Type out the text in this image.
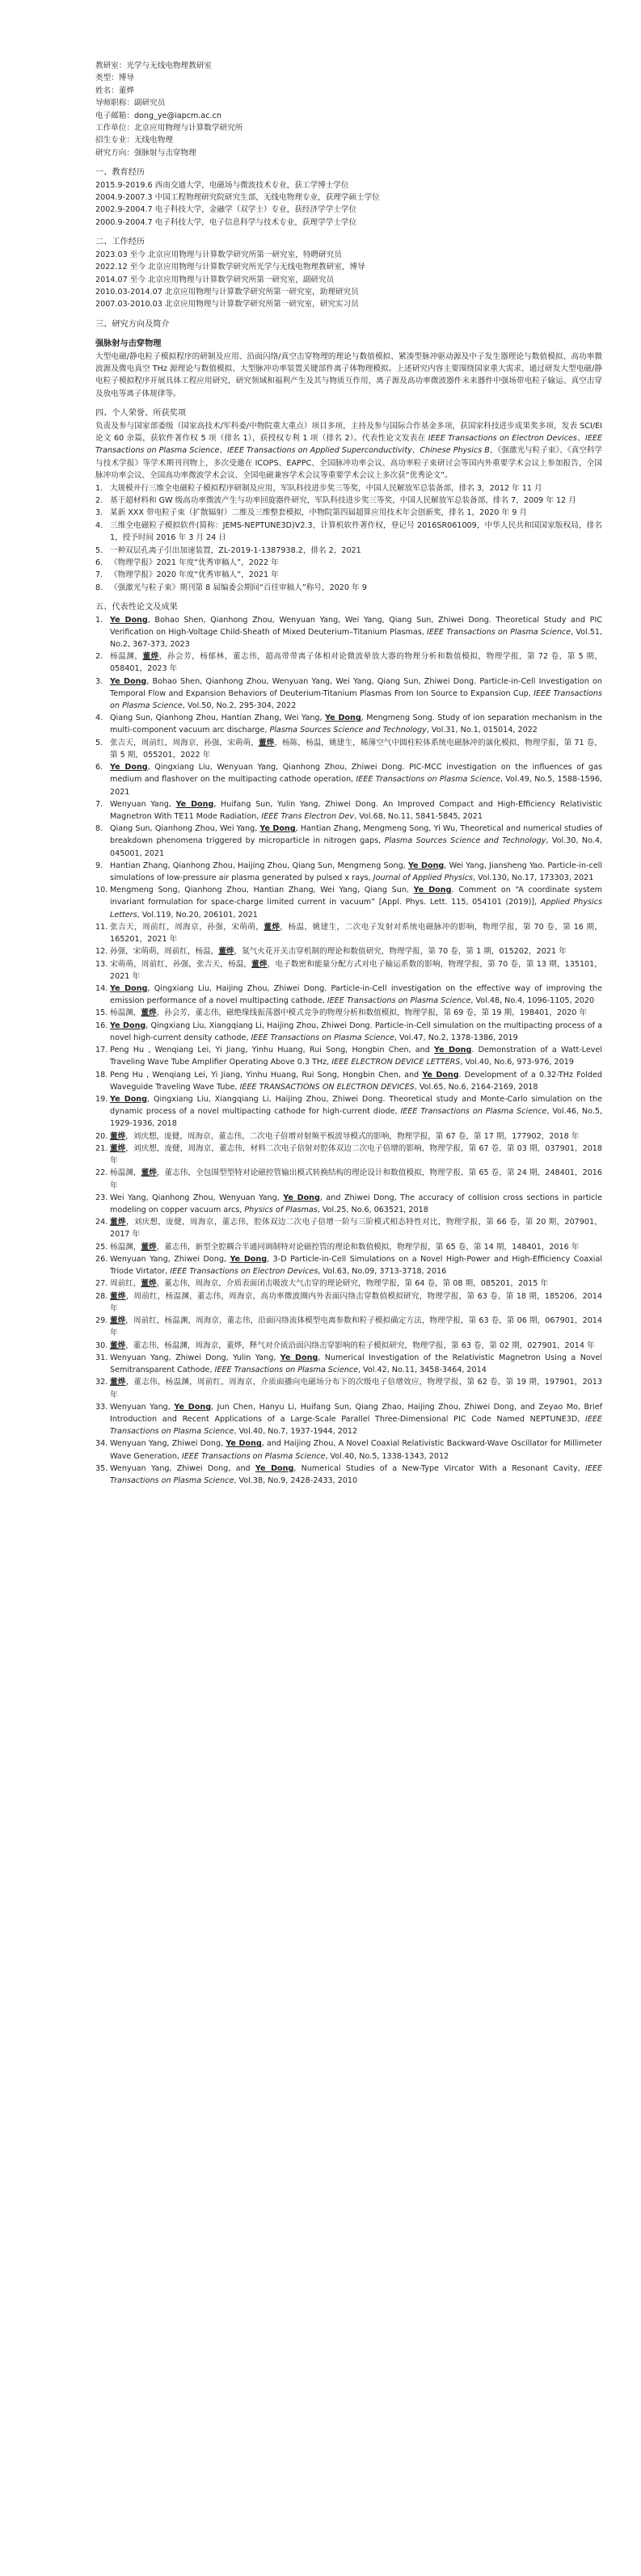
教研室：光学与无线电物理教研室
类型：博导
姓名：董烨
导师职称：副研究员
电子邮箱：dong_ye@iapcm.ac.cn
工作单位：北京应用物理与计算数学研究所
招生专业：无线电物理
研究方向：强脉射与击穿物理
一、教育经历
2015.9-2019.6 西南交通大学，电磁场与微波技术专业，获工学博士学位
2004.9-2007.3 中国工程物理研究院研究生部，无线电物理专业，获理学硕士学位
2002.9-2004.7 电子科技大学，金融学（双学士）专业，获经济学学士学位
2000.9-2004.7 电子科技大学，电子信息科学与技术专业，获理学学士学位
二、工作经历
2023.03 至今 北京应用物理与计算数学研究所第一研究室，特聘研究员
2022.12 至今 北京应用物理与计算数学研究所光学与无线电物理教研室，博导
2014.07 至今 北京应用物理与计算数学研究所第一研究室，副研究员
2010.03-2014.07 北京应用物理与计算数学研究所第一研究室，助理研究员
2007.03-2010.03 北京应用物理与计算数学研究所第一研究室，研究实习员
三、研究方向及简介
强脉射与击穿物理
大型电磁/静电粒子模拟程序的研制及应用、沿面闪络/真空击穿物理的理论与数值模拟、紧凑型脉冲驱动源及中子发生器理论与数值模拟、高功率微波源及微电真空 THz 源理论与数值模拟、大型脉冲功率装置关键部件离子体物理模拟。上述研究内容主要围绕国家重大需求，通过研发大型电磁/静电粒子模拟程序开展具体工程应用研究，研究领域和福利产生及其与物质互作用，离子源及高功率微波器件未来器件中强场带电粒子输运、真空击穿及放电等离子体规律等。
四、个人荣誉、所获奖项
负责及参与国家部委级（国家高技术/军科委/中物院重大重点）项目多项，主持及参与国际合作基金多项，获国家科技进步成果奖多项，发表 SCI/EI 论文 60 余篇，获软件著作权 5 项（排名 1），获授权专利 1 项（排名 2）。代表性论文发表在 IEEE Transactions on Electron Devices、IEEE Transactions on Plasma Science、IEEE Transactions on Applied Superconductivity、Chinese Physics B、《强激光与粒子束》、《真空科学与技术学报》等学术期刊刊物上，多次受邀在 ICOPS、EAPPC、全国脉冲功率会议、高功率粒子束研讨会等国内外重要学术会议上参加报告，全国脉冲功率会议、全国高功率微波学术会议、全国电磁兼容学术会议等重要学术会议上多次获“优秀论文”。
1. 大规模并行三维全电磁粒子模拟程序研制及应用，军队科技进步奖三等奖，中国人民解放军总装备部，排名 3，2012 年 11 月
2. 基于超材料和 GW 级高功率微波产生与功率回旋器件研究，军队科技进步奖三等奖，中国人民解放军总装备部，排名 7，2009 年 12 月
3. 某新 XXX 带电粒子束（扩散辐射）二维及三维整套模拟，中物院第四届超算应用技术年会创新奖，排名 1，2020 年 9 月
4. 三维全电磁粒子模拟软件(简称：JEMS-NEPTUNE3D)V2.3，计算机软件著作权，登记号 2016SR061009，中华人民共和国国家版权局，排名 1，授予时间 2016 年 3 月 24 日
5. 一种双层孔离子引出加速装置，ZL-2019-1-1387938.2，排名 2，2021
6. 《物理学报》2021 年度“优秀审稿人”，2022 年
7. 《物理学报》2020 年度“优秀审稿人”，2021 年
8. 《强激光与粒子束》期刊第 8 届编委会期间“百佳审稿人”称号，2020 年 9
五、代表性论文及成果
1. Ye Dong, Bohao Shen, Qianhong Zhou, Wenyuan Yang, Wei Yang, Qiang Sun, Zhiwei Dong. Theoretical Study and PIC Verification on High-Voltage Child-Sheath of Mixed Deuterium–Titanium Plasmas, IEEE Transactions on Plasma Science, Vol.51, No.2, 367-373, 2023
2. 杨温渊，董烨，孙会芳，杨郁林，董志伟，超高带带离子体相对论微波晕放大器的物理分析和数值模拟，物理学报，第 72 卷，第 5 期，058401，2023 年
3. Ye Dong, Bohao Shen, Qianhong Zhou, Wenyuan Yang, Wei Yang, Qiang Sun, Zhiwei Dong. Particle-in-Cell Investigation on Temporal Flow and Expansion Behaviors of Deuterium-Titanium Plasmas From Ion Source to Expansion Cup, IEEE Transactions on Plasma Science, Vol.50, No.2, 295-304, 2022
4. Qiang Sun, Qianhong Zhou, Hantian Zhang, Wei Yang, Ye Dong, Mengmeng Song. Study of ion separation mechanism in the multi-component vacuum arc discharge, Plasma Sources Science and Technology, Vol.31, No.1, 015014, 2022
5. 张吉天，周前红，周海京，孙强，宋萌萌，董烨，杨陈，杨温，姚建生，稀薄空气中圆柱粒体系统电磁脉冲的演化模拟，物理学报，第 71 卷，第 5 期，055201，2022 年
6. Ye Dong, Qingxiang Liu, Wenyuan Yang, Qianhong Zhou, Zhiwei Dong. PIC-MCC investigation on the influences of gas medium and flashover on the multipacting cathode operation, IEEE Transactions on Plasma Science, Vol.49, No.5, 1588-1596, 2021
7. Wenyuan Yang, Ye Dong, Huifang Sun, Yulin Yang, Zhiwei Dong. An Improved Compact and High-Efficiency Relativistic Magnetron With TE11 Mode Radiation, IEEE Trans Electron Dev, Vol.68, No.11, 5841-5845, 2021
8. Qiang Sun, Qianhong Zhou, Wei Yang, Ye Dong, Hantian Zhang, Mengmeng Song, Yi Wu, Theoretical and numerical studies of breakdown phenomena triggered by microparticle in nitrogen gaps, Plasma Sources Science and Technology, Vol.30, No.4, 045001, 2021
9. Hantian Zhang, Qianhong Zhou, Haijing Zhou, Qiang Sun, Mengmeng Song, Ye Dong, Wei Yang, Jiansheng Yao. Particle-in-cell simulations of low-pressure air plasma generated by pulsed x rays, Journal of Applied Physics, Vol.130, No.17, 173303, 2021
10. Mengmeng Song, Qianhong Zhou, Hantian Zhang, Wei Yang, Qiang Sun, Ye Dong. Comment on “A coordinate system invariant formulation for space-charge limited current in vacuum” [Appl. Phys. Lett. 115, 054101 (2019)], Applied Physics Letters, Vol.119, No.20, 206101, 2021
11. 张吉天，周前红，周海京，孙强，宋萌萌，董烨，杨温，姚建生，二次电子发射对系统电磁脉冲的影响，物理学报，第 70 卷，第 16 期，165201，2021 年
12. 孙强，宋萌萌，周前红，杨温，董烨，氮气火花开关击穿机制的理论和数值研究，物理学报，第 70 卷，第 1 期，015202，2021 年
13. 宋萌萌，周前红，孙强，张吉天，杨温，董烨，电子数密和能量分配方式对电子输运系数的影响，物理学报，第 70 卷，第 13 期，135101，2021 年
14. Ye Dong, Qingxiang Liu, Haijing Zhou, Zhiwei Dong. Particle-in-Cell investigation on the effective way of improving the emission performance of a novel multipacting cathode, IEEE Transactions on Plasma Science, Vol.48, No.4, 1096-1105, 2020
15. 杨温渊，董烨，孙会芳，董志伟，磁绝缘线振荡器中模式竞争的物理分析和数值模拟，物理学报，第 69 卷，第 19 期，198401，2020 年
16. Ye Dong, Qingxiang Liu, Xiangqiang Li, Haijing Zhou, Zhiwei Dong. Particle-in-Cell simulation on the multipacting process of a novel high-current density cathode, IEEE Transactions on Plasma Science, Vol.47, No.2, 1378-1386, 2019
17. Peng Hu , Wenqiang Lei, Yi Jiang, Yinhu Huang, Rui Song, Hongbin Chen, and Ye Dong. Demonstration of a Watt-Level Traveling Wave Tube Amplifier Operating Above 0.3 THz, IEEE ELECTRON DEVICE LETTERS, Vol.40, No.6, 973-976, 2019
18. Peng Hu , Wenqiang Lei, Yi Jiang, Yinhu Huang, Rui Song, Hongbin Chen, and Ye Dong. Development of a 0.32-THz Folded Waveguide Traveling Wave Tube, IEEE TRANSACTIONS ON ELECTRON DEVICES, Vol.65, No.6, 2164-2169, 2018
19. Ye Dong, Qingxiang Liu, Xiangqiang Li, Haijing Zhou, Zhiwei Dong. Theoretical study and Monte-Carlo simulation on the dynamic process of a novel multipacting cathode for high-current diode, IEEE Transactions on Plasma Science, Vol.46, No.5, 1929-1936, 2018
20. 董烨，刘庆想，庞健，周海京，董志伟，二次电子倍增对射频平板波导模式的影响，物理学报，第 67 卷，第 17 期，177902，2018 年
21. 董烨，刘庆想，庞健，周海京，董志伟，材料二次电子倍射对腔体双边二次电子倍增的影响，物理学报，第 67 卷，第 03 期，037901，2018 年
22. 杨温渊，董烨，董志伟，全包围型型特对论磁控管输出模式转换结构的理论设计和数值模拟，物理学报，第 65 卷，第 24 期，248401，2016 年
23. Wei Yang, Qianhong Zhou, Wenyuan Yang, Ye Dong, and Zhiwei Dong, The accuracy of collision cross sections in particle modeling on copper vacuum arcs, Physics of Plasmas, Vol.25, No.6, 063521, 2018
24. 董烨，刘庆想，庞健，周海京，董志伟，腔体双边二次电子倍增一阶与三阶模式相态特性对比，物理学报，第 66 卷，第 20 期，207901，2017 年
25. 杨温渊，董烨，董志伟，新型全腔耦合半通同调制特对论磁控管的理论和数值模拟，物理学报，第 65 卷，第 14 期，148401，2016 年
26. Wenyuan Yang, Zhiwei Dong, Ye Dong, 3-D Particle-in-Cell Simulations on a Novel High-Power and High-Efficiency Coaxial Triode Virtator, IEEE Transactions on Electron Devices, Vol.63, No.09, 3713-3718, 2016
27. 周前红，董烨，董志伟，周海京，介质表面闭击吸波大气击穿的理论研究，物理学报，第 64 卷，第 08 期，085201，2015 年
28. 董烨，周前红，杨温渊，董志伟，周海京，高功率微波圈内外表面闪络击穿数值模拟研究，物理学报，第 63 卷，第 18 期，185206，2014 年
29. 董烨，周前红，杨温渊，周海京，董志伟，沿面闪络流体模型电离参数和粒子模拟确定方法，物理学报，第 63 卷，第 06 期，067901，2014 年
30. 董烨，董志伟，杨温渊，周海京，董烨，释气对介质沿面闪络击穿影响的粒子模拟研究，物理学报，第 63 卷，第 02 期，027901，2014 年
31. Wenyuan Yang, Zhiwei Dong, Yulin Yang, Ye Dong, Numerical Investigation of the Relativistic Magnetron Using a Novel Semitransparent Cathode, IEEE Transactions on Plasma Science, Vol.42, No.11, 3458-3464, 2014
32. 董烨，董志伟，杨温渊，周前红，周海京，介质面播向电磁场分布下的次级电子倍增效应，物理学报，第 62 卷，第 19 期，197901，2013 年
33. Wenyuan Yang, Ye Dong, Jun Chen, Hanyu Li, Huifang Sun, Qiang Zhao, Haijing Zhou, Zhiwei Dong, and Zeyao Mo, Brief Introduction and Recent Applications of a Large-Scale Parallel Three-Dimensional PIC Code Named NEPTUNE3D, IEEE Transactions on Plasma Science, Vol.40, No.7, 1937-1944, 2012
34. Wenyuan Yang, Zhiwei Dong, Ye Dong, and Haijing Zhou, A Novel Coaxial Relativistic Backward-Wave Oscillator for Millimeter Wave Generation, IEEE Transactions on Plasma Science, Vol.40, No.5, 1338-1343, 2012
35. Wenyuan Yang, Zhiwei Dong, and Ye Dong, Numerical Studies of a New-Type Vircator With a Resonant Cavity, IEEE Transactions on Plasma Science, Vol.38, No.9, 2428-2433, 2010
